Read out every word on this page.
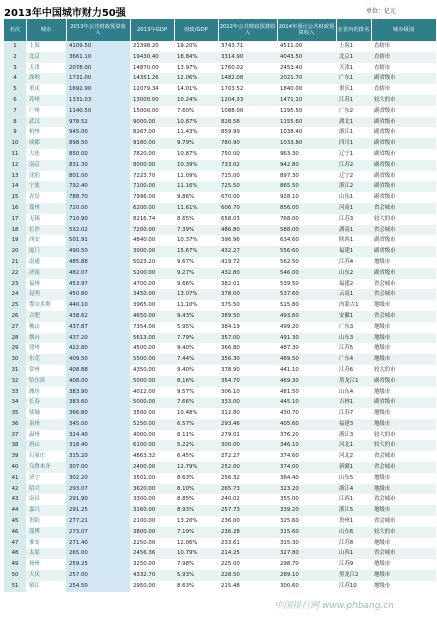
2013年中国城市财力50强	单位：亿元
名次	城市	2013年公共财政预算收入	2013年GDP	财政/GDP	2012年公共财政预算收入	2014年预计公共财政预算收入	在省内的排名	城市级别
1	上海	4109.50	21398.20	19.20%	3743.71	4511.00	上海1	直辖市
2	北京	3661.10	19430.40	18.84%	3314.90	4043.50	北京1	直辖市
3	天津	2078.00	14870.00	13.97%	1760.02	2453.40	天津1	直辖市
4	深圳	1731.00	14351.26	12.06%	1482.08	2021.70	广东1	副省级市
5	重庆	1692.90	12079.34	14.01%	1703.52	1840.00	重庆1	直辖市
6	苏州	1331.03	13000.00	10.24%	1204.33	1471.10	江苏1	较大的市
7	广州	1140.50	15000.00	7.60%	1088.00	1195.50	广东2	副省级市
8	武汉	978.52	9000.00	10.87%	828.58	1155.60	湖北1	副省级市
9	杭州	945.00	8267.00	11.43%	859.99	1038.40	浙江1	副省级市
10	成都	898.50	9180.00	9.79%	780.90	1033.80	四川1	副省级市
11	大连	850.00	7820.00	10.87%	750.00	963.30	辽宁1	副省级市
12	南京	831.30	8000.00	10.39%	733.02	942.80	江苏2	副省级市
13	沈阳	801.00	7223.70	11.09%	715.00	897.30	辽宁2	副省级市
14	宁波	792.40	7100.00	11.16%	725.50	865.50	浙江2	副省级市
15	青岛	788.70	7996.00	9.86%	670.00	928.10	山东1	副省级市
16	郑州	720.00	6200.00	11.61%	606.70	856.00	河南1	省会城市
17	无锡	710.90	8216.74	8.65%	658.03	768.00	江苏3	较大的市
18	长沙	532.02	7200.00	7.39%	486.80	588.00	湖南1	省会城市
19	西安	501.91	4840.00	10.37%	396.96	634.60	陕西1	副省级市
20	厦门	490.50	3000.00	15.67%	432.27	556.60	福建1	副省级市
21	南通	485.88	5023.20	9.67%	419.72	562.50	江苏4	地级市
22	济南	482.07	5200.00	9.27%	432.80	546.00	山东2	副省级市
23	福州	453.97	4700.00	9.66%	382.01	539.50	福建2	省会城市
24	昆明	450.80	3450.00	13.07%	378.00	537.60	云南1	省会城市
25	鄂尔多斯	440.10	3965.00	11.10%	375.50	515.80	内蒙古1	地级市
26	合肥	438.62	4650.00	9.43%	389.50	493.60	安徽1	省会城市
27	佛山	437.87	7354.00	5.95%	384.19	499.20	广东3	地级市
28	烟台	437.20	5613.00	7.79%	357.00	491.30	山东3	地级市
29	徐州	422.80	4500.00	9.40%	366.80	487.30	江苏5	地级市
30	东莞	409.50	5500.00	7.44%	356.30	469.50	广东4	地级市
31	常州	408.88	4350.00	9.40%	378.90	441.10	江苏6	较大的市
32	哈尔滨	408.00	5000.00	8.16%	354.70	469.30	黑龙江1	副省级市
33	潍坊	383.90	4012.00	9.57%	306.10	481.50	山东4	地级市
34	长春	383.60	5000.00	7.66%	333.00	445.10	吉林1	副省级市
35	盐城	366.80	3500.00	10.48%	312.80	430.70	江苏7	地级市
36	泉州	345.00	5250.00	6.57%	293.46	405.60	福建3	地级市
37	温州	324.40	4000.00	8.11%	279.01	376.20	浙江3	较大的市
38	唐山	318.40	6100.00	5.22%	300.00	346.10	河北1	较大的市
39	石家庄	315.20	4863.32	6.45%	272.27	374.60	河北2	省会城市
40	乌鲁木齐	307.00	2400.00	12.79%	252.00	374.00	新疆1	省会城市
41	济宁	302.20	3501.00	8.63%	256.32	364.40	山东5	地级市
42	绍兴	293.07	3620.00	8.10%	265.73	323.20	浙江4	地级市
43	南昌	291.90	3300.00	8.85%	240.02	355.00	江西1	省会城市
44	嘉兴	291.25	3160.00	8.93%	257.73	339.20	浙江5	地级市
45	贵阳	277.21	2100.00	13.20%	236.00	325.60	贵州1	省会城市
46	淄博	273.07	3800.00	7.19%	236.28	315.60	山东6	较大的市
47	淮安	271.40	2250.00	12.06%	233.61	315.30	江苏8	地级市
48	太原	265.00	2456.36	10.79%	214.25	327.80	山西1	省会城市
49	扬州	259.25	3250.00	7.98%	225.00	298.70	江苏9	地级市
50	大庆	257.00	4332.70	5.93%	228.50	289.10	黑龙江2	地级市
51	镇江	254.50	2950.00	8.63%	215.48	300.60	江苏10	地级市
中国排行网 www.phbang.cn
